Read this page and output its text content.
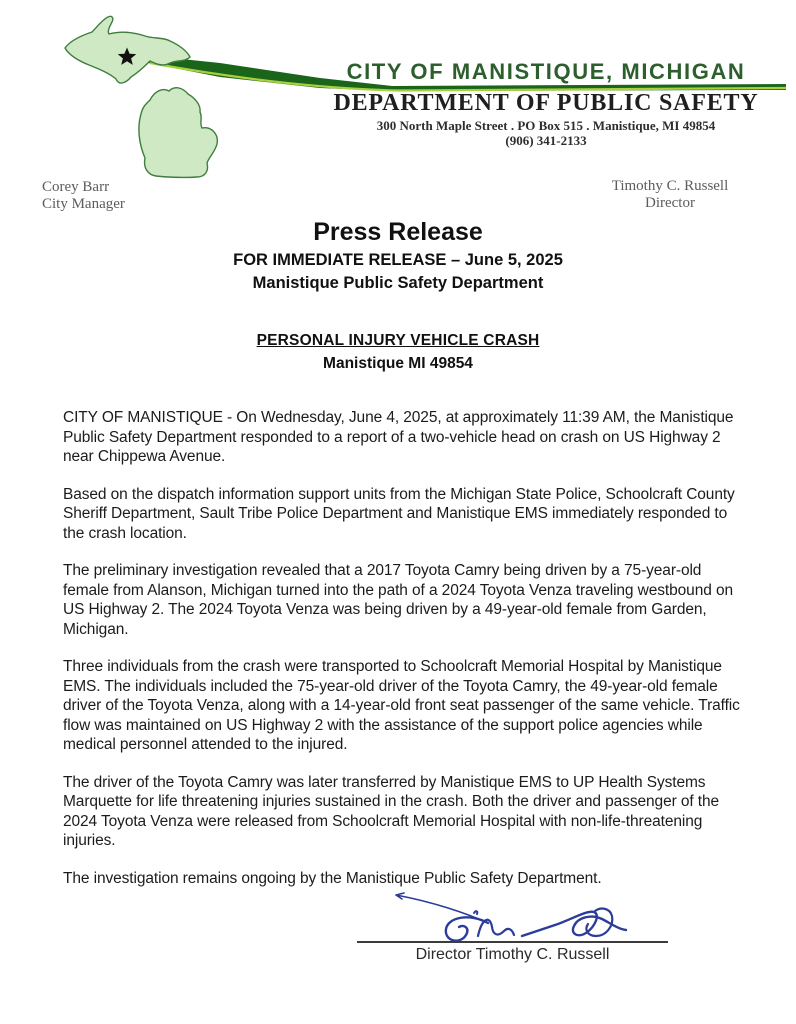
CITY OF MANISTIQUE, MICHIGAN
DEPARTMENT OF PUBLIC SAFETY
300 North Maple Street . PO Box 515 . Manistique, MI 49854
(906) 341-2133
Corey Barr
City Manager
Timothy C. Russell
Director
Press Release
FOR IMMEDIATE RELEASE – June 5, 2025
Manistique Public Safety Department
PERSONAL INJURY VEHICLE CRASH
Manistique MI 49854

CITY OF MANISTIQUE - On Wednesday, June 4, 2025, at approximately 11:39 AM, the Manistique Public Safety Department responded to a report of a two-vehicle head on crash on US Highway 2 near Chippewa Avenue.

Based on the dispatch information support units from the Michigan State Police, Schoolcraft County Sheriff Department, Sault Tribe Police Department and Manistique EMS immediately responded to the crash location.

The preliminary investigation revealed that a 2017 Toyota Camry being driven by a 75-year-old female from Alanson, Michigan turned into the path of a 2024 Toyota Venza traveling westbound on US Highway 2. The 2024 Toyota Venza was being driven by a 49-year-old female from Garden, Michigan.

Three individuals from the crash were transported to Schoolcraft Memorial Hospital by Manistique EMS. The individuals included the 75-year-old driver of the Toyota Camry, the 49-year-old female driver of the Toyota Venza, along with a 14-year-old front seat passenger of the same vehicle. Traffic flow was maintained on US Highway 2 with the assistance of the support police agencies while medical personnel attended to the injured.

The driver of the Toyota Camry was later transferred by Manistique EMS to UP Health Systems Marquette for life threatening injuries sustained in the crash. Both the driver and passenger of the 2024 Toyota Venza were released from Schoolcraft Memorial Hospital with non-life-threatening injuries.

The investigation remains ongoing by the Manistique Public Safety Department.

Director Timothy C. Russell
